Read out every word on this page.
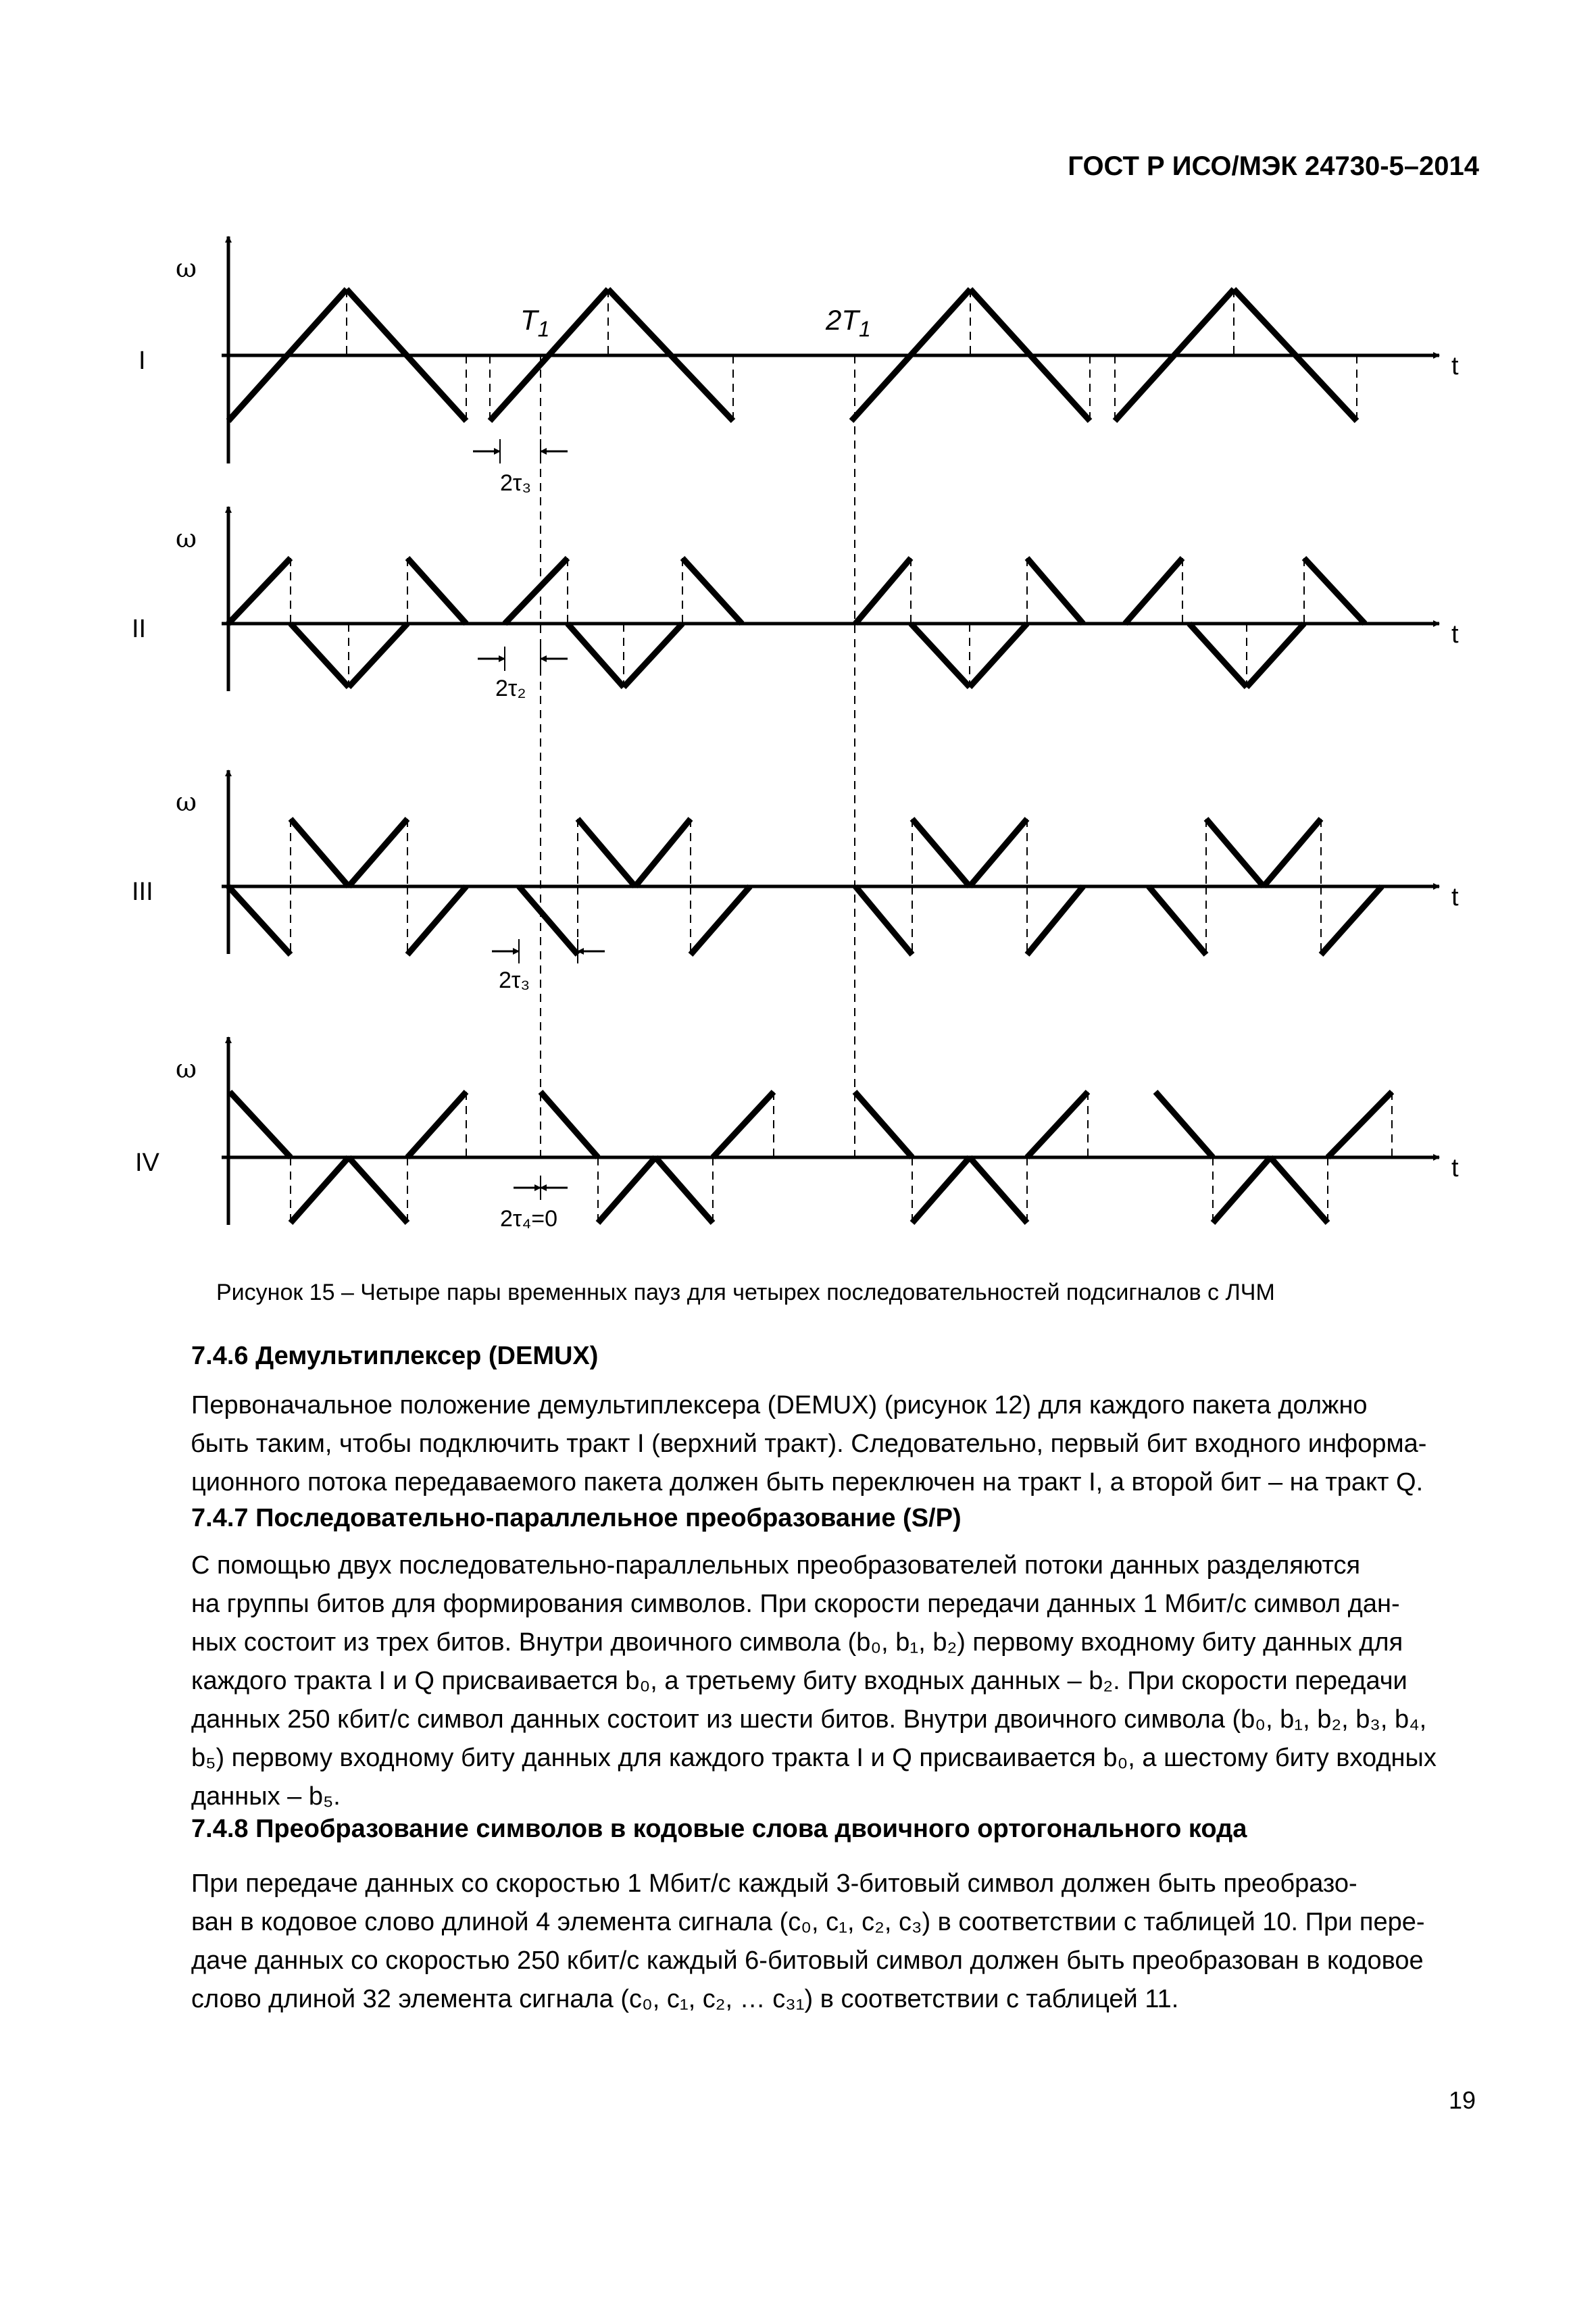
ГОСТ Р ИСО/МЭК 24730-5–2014
ω
t
I
ω
t
II
ω
t
III
ω
t
IV
2τ₃
2τ₂
2τ₃
2τ₄=0
$T_1$	$2T_1$
Рисунок 15 – Четыре пары временных пауз для четырех последовательностей подсигналов с ЛЧМ
7.4.6 Демультиплексер (DEMUX)
Первоначальное положение демультиплексера (DEMUX) (рисунок 12) для каждого пакета должно
быть таким, чтобы подключить тракт I (верхний тракт). Следовательно, первый бит входного информа-
ционного потока передаваемого пакета должен быть переключен на тракт I, а второй бит – на тракт Q.
7.4.7 Последовательно-параллельное преобразование (S/P)
С помощью двух последовательно-параллельных преобразователей потоки данных разделяются
на группы битов для формирования символов. При скорости передачи данных 1 Мбит/с символ дан-
ных состоит из трех битов. Внутри двоичного символа (b₀, b₁, b₂) первому входному биту данных для
каждого тракта I и Q присваивается b₀, а третьему биту входных данных – b₂. При скорости передачи
данных 250 кбит/с символ данных состоит из шести битов. Внутри двоичного символа (b₀, b₁, b₂, b₃, b₄,
b₅) первому входному биту данных для каждого тракта I и Q присваивается b₀, а шестому биту входных
данных – b₅.
7.4.8 Преобразование символов в кодовые слова двоичного ортогонального кода
При передаче данных со скоростью 1 Мбит/с каждый 3-битовый символ должен быть преобразо-
ван в кодовое слово длиной 4 элемента сигнала (c₀, c₁, c₂, c₃) в соответствии с таблицей 10. При пере-
даче данных со скоростью 250 кбит/с каждый 6-битовый символ должен быть преобразован в кодовое
слово длиной 32 элемента сигнала (c₀, c₁, c₂, … c₃₁) в соответствии с таблицей 11.
19
